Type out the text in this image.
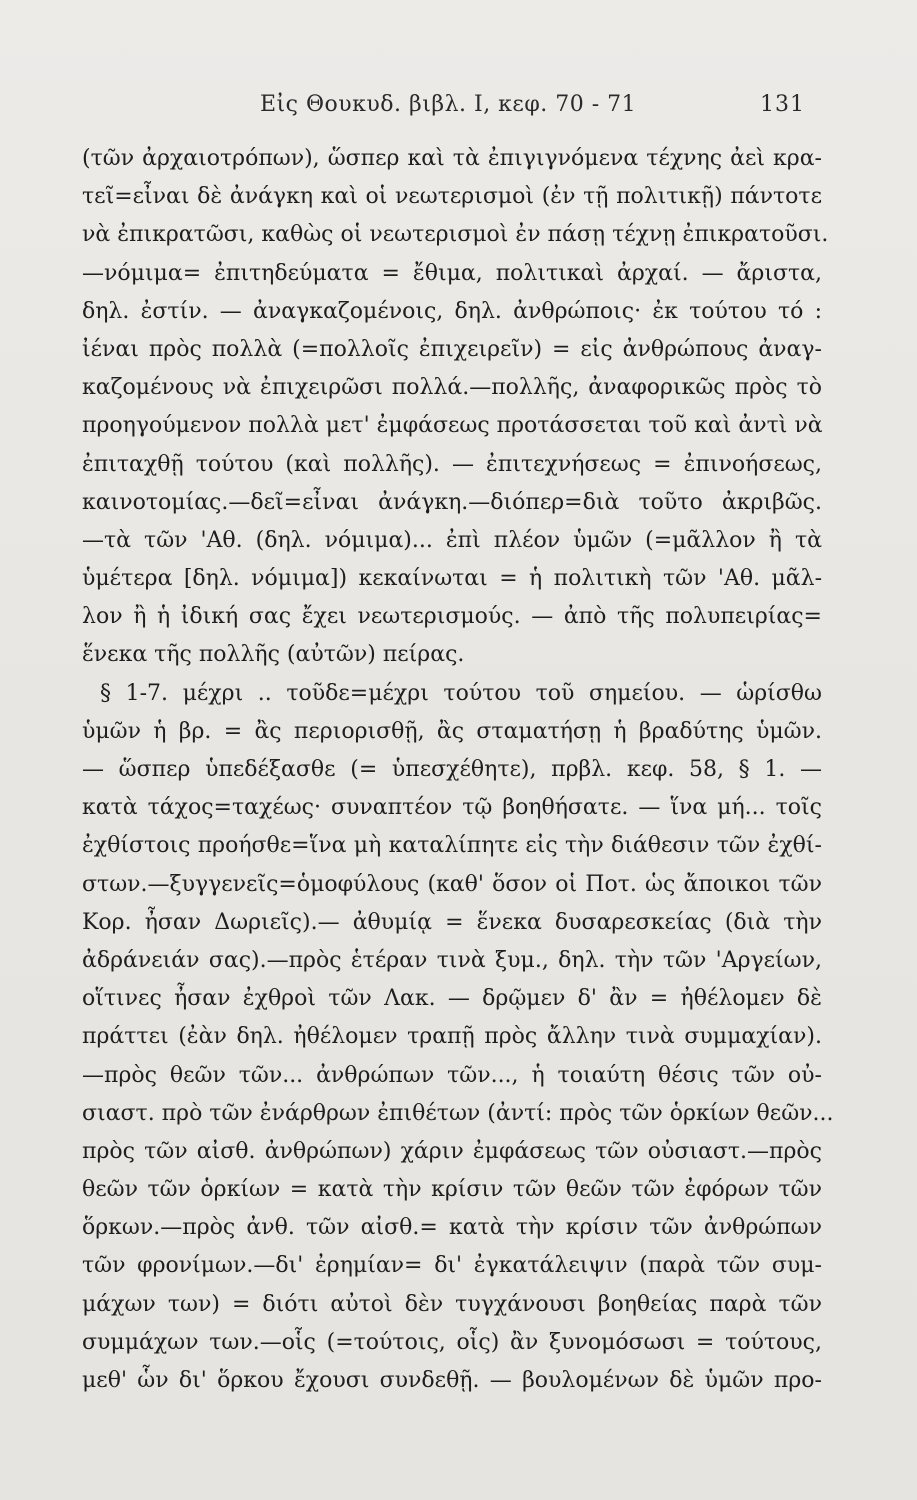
Εἰς Θουκυδ. βιβλ. I, κεφ. 70 - 71	131
(τῶν ἀρχαιοτρόπων), ὥσπερ καὶ τὰ ἐπιγιγνόμενα τέχνης ἀεὶ κρα-
τεῖ=εἶναι δὲ ἀνάγκη καὶ οἱ νεωτερισμοὶ (ἐν τῇ πολιτικῇ) πάντοτε
νὰ ἐπικρατῶσι, καθὼς οἱ νεωτερισμοὶ ἐν πάσῃ τέχνῃ ἐπικρατοῦσι.
—νόμιμα= ἐπιτηδεύματα = ἔθιμα, πολιτικαὶ ἀρχαί. — ἄριστα,
δηλ. ἐστίν. — ἀναγκαζομένοις, δηλ. ἀνθρώποις· ἐκ τούτου τό :
ἰέναι πρὸς πολλὰ (=πολλοῖς ἐπιχειρεῖν) = εἰς ἀνθρώπους ἀναγ-
καζομένους νὰ ἐπιχειρῶσι πολλά.—πολλῆς, ἀναφορικῶς πρὸς τὸ
προηγούμενον πολλὰ μετ' ἐμφάσεως προτάσσεται τοῦ καὶ ἀντὶ νὰ
ἐπιταχθῇ τούτου (καὶ πολλῆς). — ἐπιτεχνήσεως = ἐπινοήσεως,
καινοτομίας.—δεῖ=εἶναι ἀνάγκη.—διόπερ=διὰ τοῦτο ἀκριβῶς.
—τὰ τῶν 'Αθ. (δηλ. νόμιμα)... ἐπὶ πλέον ὑμῶν (=μᾶλλον ἢ τὰ
ὑμέτερα [δηλ. νόμιμα]) κεκαίνωται = ἡ πολιτικὴ τῶν 'Αθ. μᾶλ-
λον ἢ ἡ ἰδική σας ἔχει νεωτερισμούς. — ἀπὸ τῆς πολυπειρίας=
ἕνεκα τῆς πολλῆς (αὐτῶν) πείρας.
§ 1-7. μέχρι .. τοῦδε=μέχρι τούτου τοῦ σημείου. — ὡρίσθω
ὑμῶν ἡ βρ. = ἂς περιορισθῇ, ἂς σταματήσῃ ἡ βραδύτης ὑμῶν.
— ὥσπερ ὑπεδέξασθε (= ὑπεσχέθητε), πρβλ. κεφ. 58, § 1. —
κατὰ τάχος=ταχέως· συναπτέον τῷ βοηθήσατε. — ἵνα μή... τοῖς
ἐχθίστοις προήσθε=ἵνα μὴ καταλίπητε εἰς τὴν διάθεσιν τῶν ἐχθί-
στων.—ξυγγενεῖς=ὁμοφύλους (καθ' ὅσον οἱ Ποτ. ὡς ἄποικοι τῶν
Κορ. ἦσαν Δωριεῖς).— ἀθυμίᾳ = ἕνεκα δυσαρεσκείας (διὰ τὴν
ἀδράνειάν σας).—πρὸς ἑτέραν τινὰ ξυμ., δηλ. τὴν τῶν 'Αργείων,
οἵτινες ἦσαν ἐχθροὶ τῶν Λακ. — δρῷμεν δ' ἂν = ἠθέλομεν δὲ
πράττει (ἐὰν δηλ. ἠθέλομεν τραπῇ πρὸς ἄλλην τινὰ συμμαχίαν).
—πρὸς θεῶν τῶν... ἀνθρώπων τῶν..., ἡ τοιαύτη θέσις τῶν οὐ-
σιαστ. πρὸ τῶν ἐνάρθρων ἐπιθέτων (ἀντί: πρὸς τῶν ὁρκίων θεῶν...
πρὸς τῶν αἰσθ. ἀνθρώπων) χάριν ἐμφάσεως τῶν οὐσιαστ.—πρὸς
θεῶν τῶν ὁρκίων = κατὰ τὴν κρίσιν τῶν θεῶν τῶν ἐφόρων τῶν
ὅρκων.—πρὸς ἀνθ. τῶν αἰσθ.= κατὰ τὴν κρίσιν τῶν ἀνθρώπων
τῶν φρονίμων.—δι' ἐρημίαν= δι' ἐγκατάλειψιν (παρὰ τῶν συμ-
μάχων των) = διότι αὐτοὶ δὲν τυγχάνουσι βοηθείας παρὰ τῶν
συμμάχων των.—οἷς (=τούτοις, οἷς) ἂν ξυνομόσωσι = τούτους,
μεθ' ὧν δι' ὅρκου ἔχουσι συνδεθῇ. — βουλομένων δὲ ὑμῶν προ-
